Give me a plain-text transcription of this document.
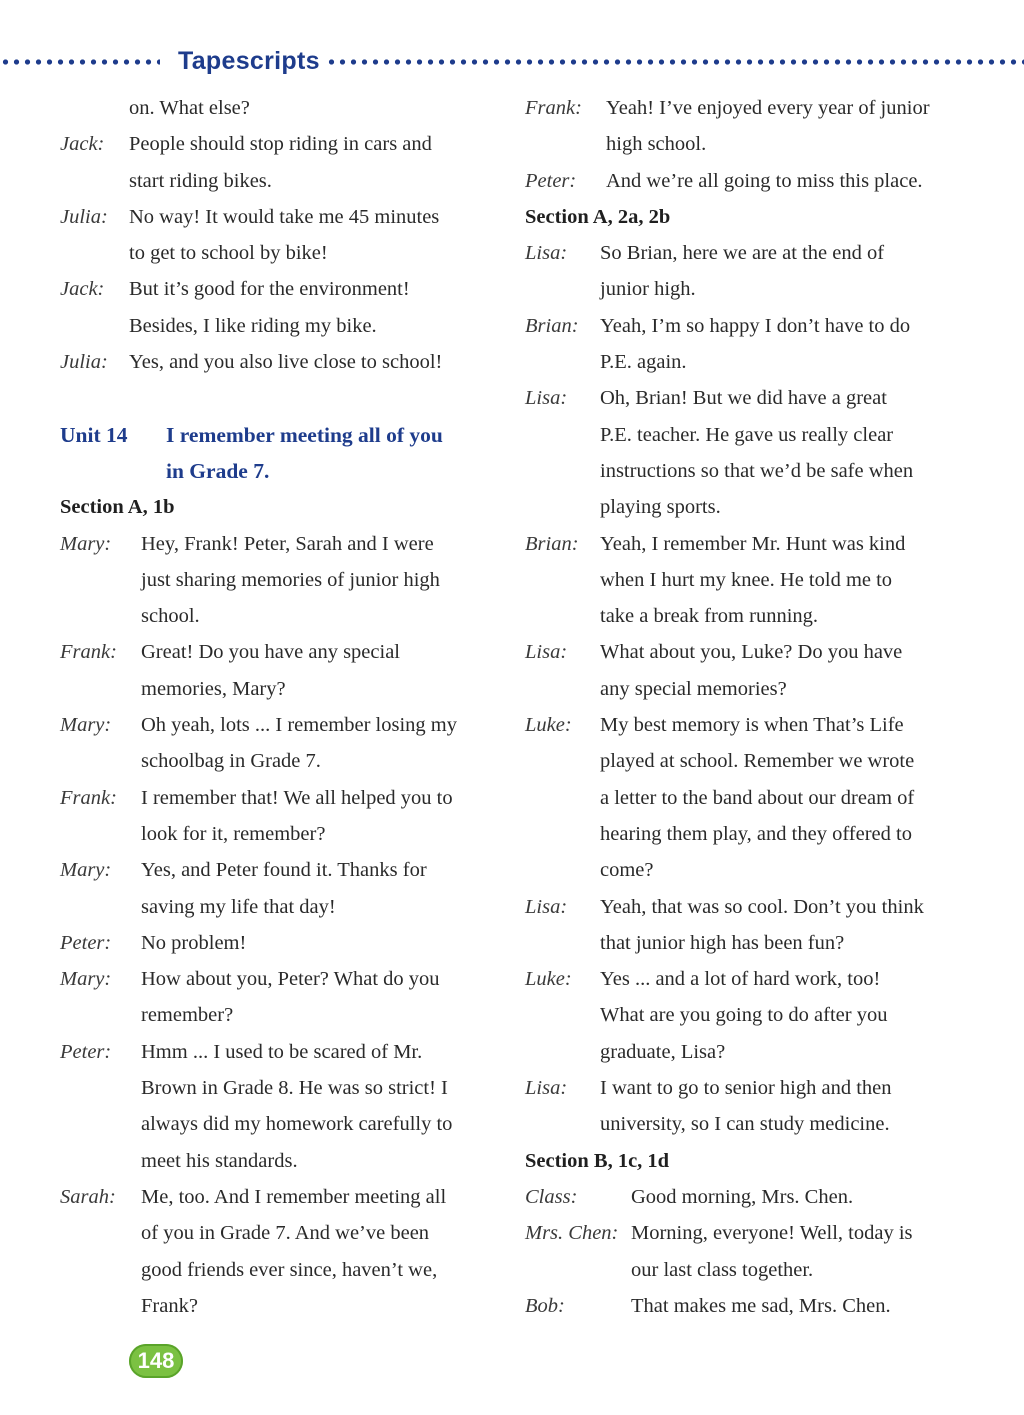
Tapescripts
on. What else?
Jack: People should stop riding in cars and
start riding bikes.
Julia: No way! It would take me 45 minutes
to get to school by bike!
Jack: But it’s good for the environment!
Besides, I like riding my bike.
Julia: Yes, and you also live close to school!
Unit 14 I remember meeting all of you
in Grade 7.
Section A, 1b
Mary: Hey, Frank! Peter, Sarah and I were
just sharing memories of junior high
school.
Frank: Great! Do you have any special
memories, Mary?
Mary: Oh yeah, lots ... I remember losing my
schoolbag in Grade 7.
Frank: I remember that! We all helped you to
look for it, remember?
Mary: Yes, and Peter found it. Thanks for
saving my life that day!
Peter: No problem!
Mary: How about you, Peter? What do you
remember?
Peter: Hmm ... I used to be scared of Mr.
Brown in Grade 8. He was so strict! I
always did my homework carefully to
meet his standards.
Sarah: Me, too. And I remember meeting all
of you in Grade 7. And we’ve been
good friends ever since, haven’t we,
Frank?
Frank: Yeah! I’ve enjoyed every year of junior
high school.
Peter: And we’re all going to miss this place.
Section A, 2a, 2b
Lisa: So Brian, here we are at the end of
junior high.
Brian: Yeah, I’m so happy I don’t have to do
P.E. again.
Lisa: Oh, Brian! But we did have a great
P.E. teacher. He gave us really clear
instructions so that we’d be safe when
playing sports.
Brian: Yeah, I remember Mr. Hunt was kind
when I hurt my knee. He told me to
take a break from running.
Lisa: What about you, Luke? Do you have
any special memories?
Luke: My best memory is when That’s Life
played at school. Remember we wrote
a letter to the band about our dream of
hearing them play, and they offered to
come?
Lisa: Yeah, that was so cool. Don’t you think
that junior high has been fun?
Luke: Yes ... and a lot of hard work, too!
What are you going to do after you
graduate, Lisa?
Lisa: I want to go to senior high and then
university, so I can study medicine.
Section B, 1c, 1d
Class:	Good morning, Mrs. Chen.
Mrs. Chen: Morning, everyone! Well, today is
our last class together.
Bob:	That makes me sad, Mrs. Chen.
148
